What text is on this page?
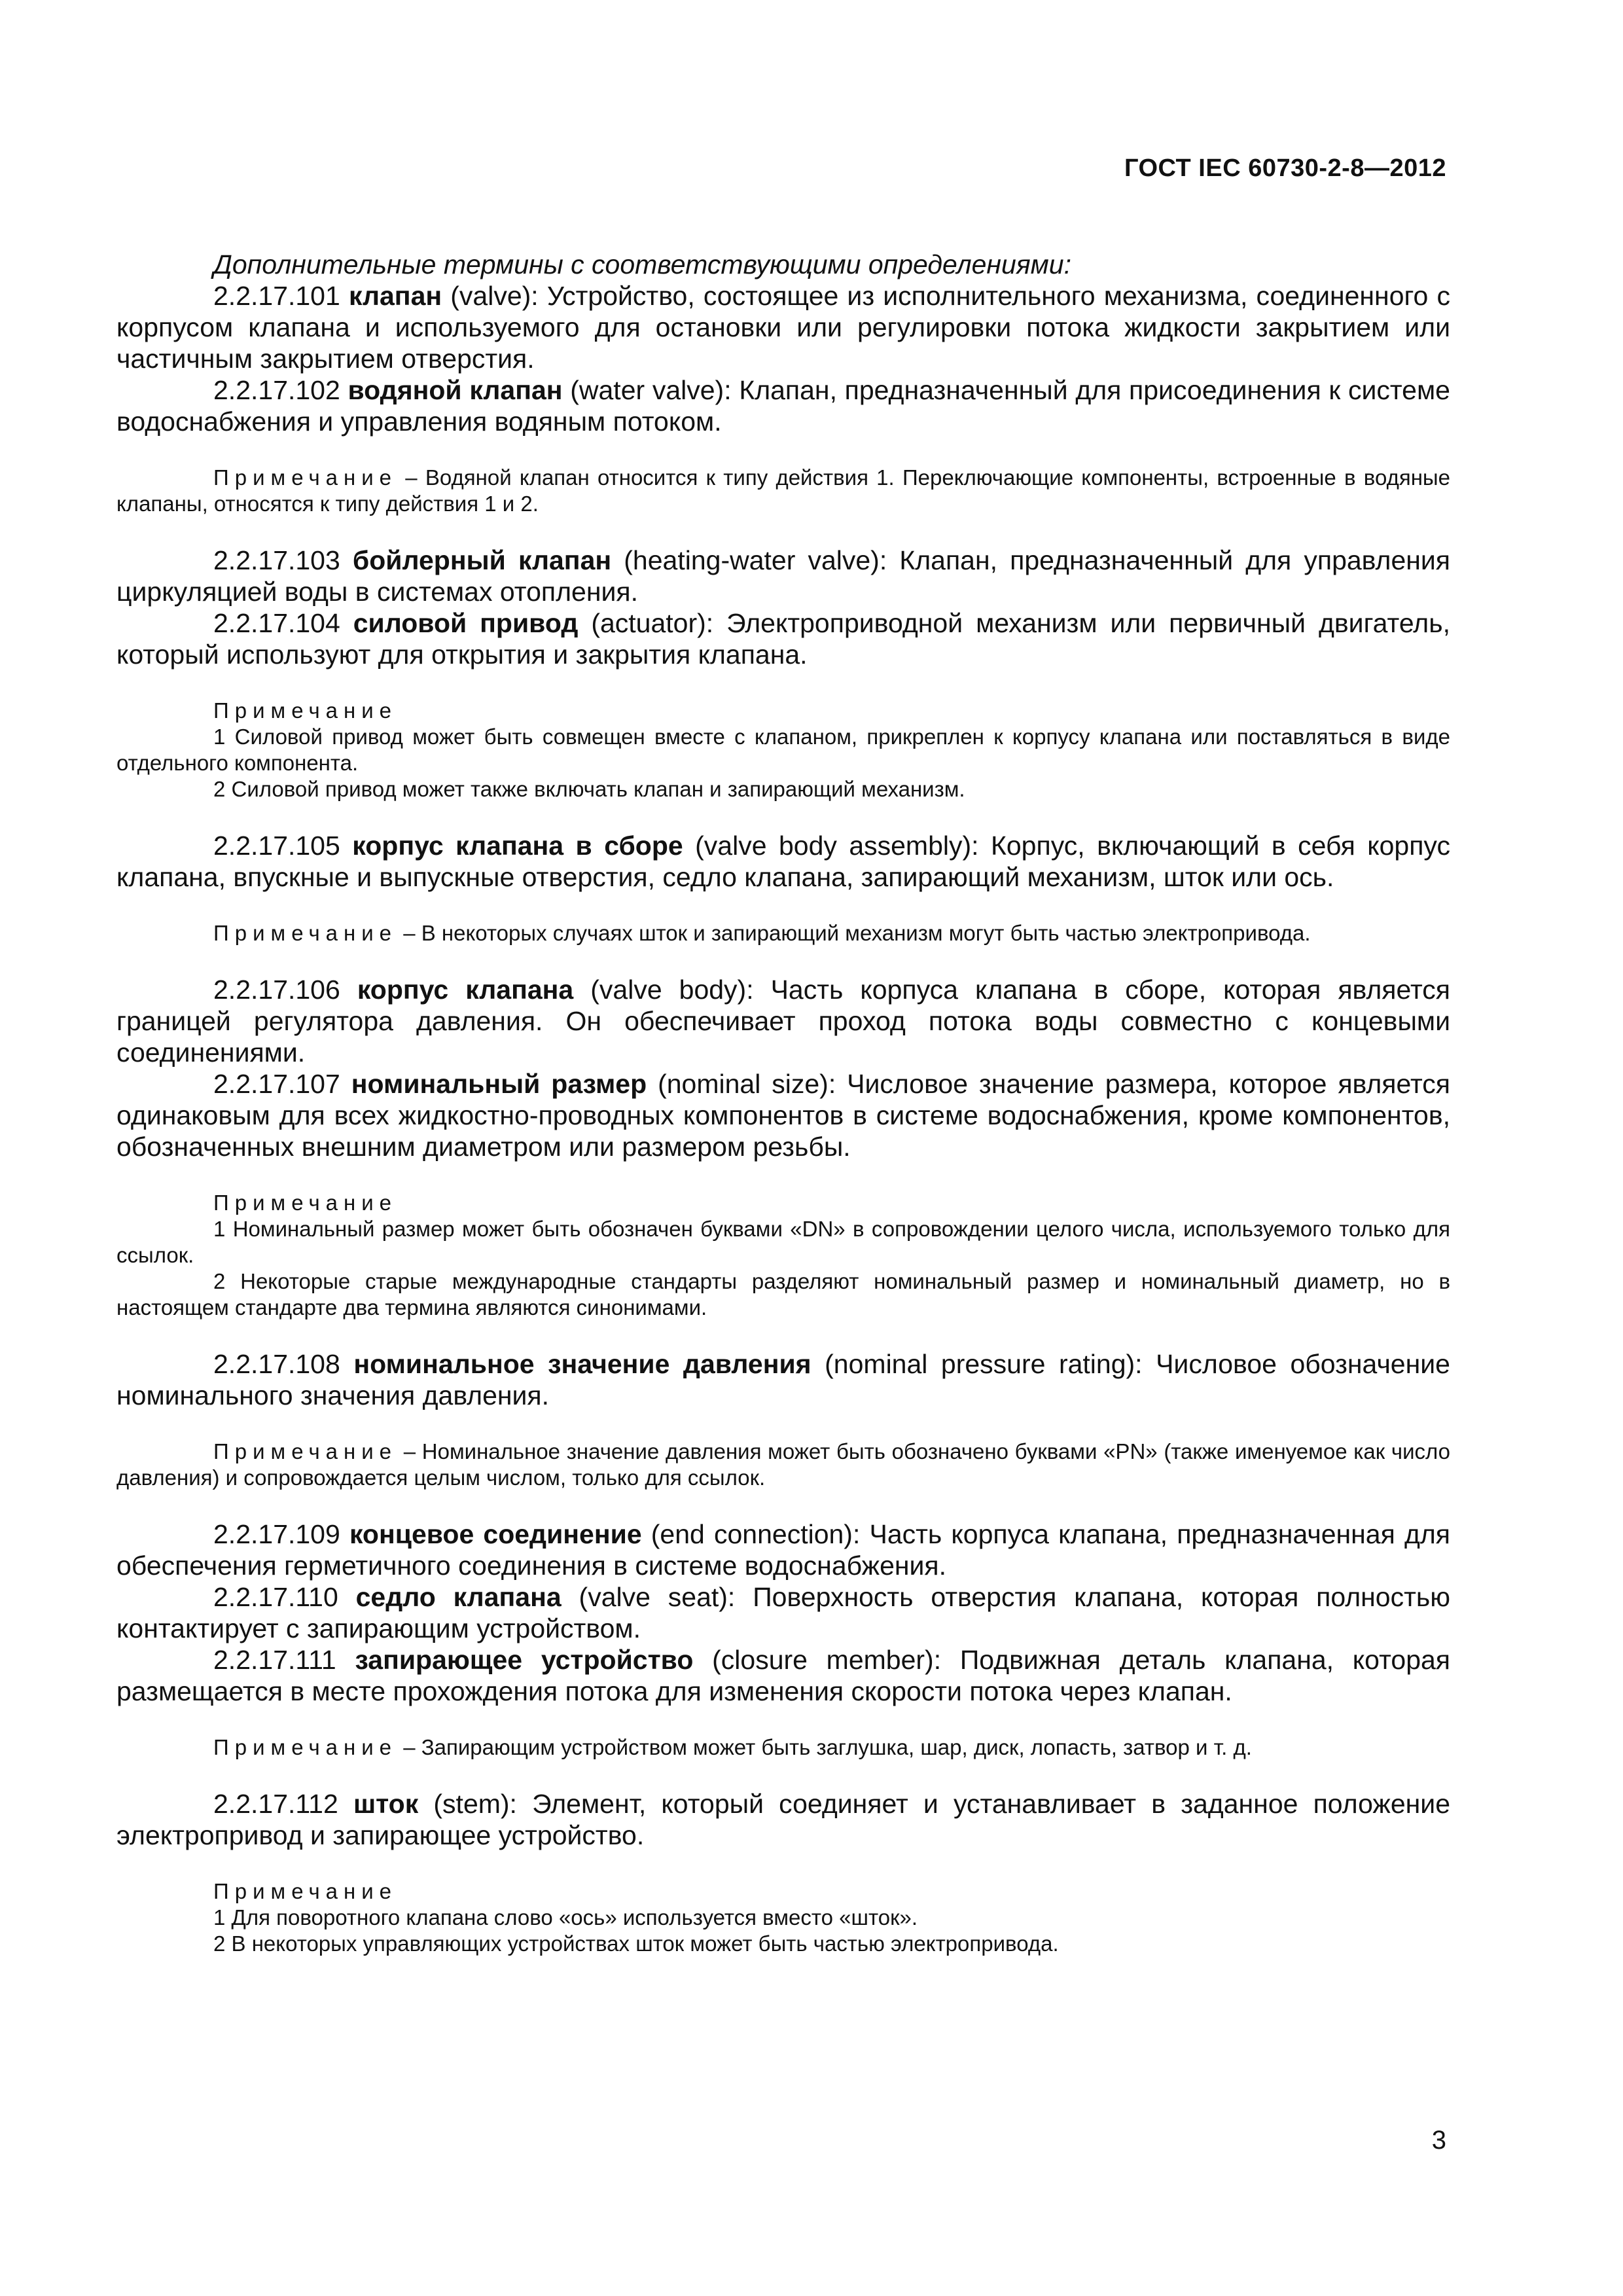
ГОСТ IEC 60730-2-8—2012

Дополнительные термины с соответствующими определениями:

2.2.17.101 клапан (valve): Устройство, состоящее из исполнительного механизма, соединенного с корпусом клапана и используемого для остановки или регулировки потока жидкости закрытием или частичным закрытием отверстия.

2.2.17.102 водяной клапан (water valve): Клапан, предназначенный для присоединения к системе водоснабжения и управления водяным потоком.

Примечание – Водяной клапан относится к типу действия 1. Переключающие компоненты, встроенные в водяные клапаны, относятся к типу действия 1 и 2.

2.2.17.103 бойлерный клапан (heating-water valve): Клапан, предназначенный для управления циркуляцией воды в системах отопления.

2.2.17.104 силовой привод (actuator): Электроприводной механизм или первичный двигатель, который используют для открытия и закрытия клапана.

Примечание

1 Силовой привод может быть совмещен вместе с клапаном, прикреплен к корпусу клапана или поставляться в виде отдельного компонента.

2 Силовой привод может также включать клапан и запирающий механизм.

2.2.17.105 корпус клапана в сборе (valve body assembly): Корпус, включающий в себя корпус клапана, впускные и выпускные отверстия, седло клапана, запирающий механизм, шток или ось.

Примечание – В некоторых случаях шток и запирающий механизм могут быть частью электропривода.

2.2.17.106 корпус клапана (valve body): Часть корпуса клапана в сборе, которая является границей регулятора давления. Он обеспечивает проход потока воды совместно с концевыми соединениями.

2.2.17.107 номинальный размер (nominal size): Числовое значение размера, которое является одинаковым для всех жидкостно-проводных компонентов в системе водоснабжения, кроме компонентов, обозначенных внешним диаметром или размером резьбы.

Примечание

1 Номинальный размер может быть обозначен буквами «DN» в сопровождении целого числа, используемого только для ссылок.

2 Некоторые старые международные стандарты разделяют номинальный размер и номинальный диаметр, но в настоящем стандарте два термина являются синонимами.

2.2.17.108 номинальное значение давления (nominal pressure rating): Числовое обозначение номинального значения давления.

Примечание – Номинальное значение давления может быть обозначено буквами «PN» (также именуемое как число давления) и сопровождается целым числом, только для ссылок.

2.2.17.109 концевое соединение (end connection): Часть корпуса клапана, предназначенная для обеспечения герметичного соединения в системе водоснабжения.

2.2.17.110 седло клапана (valve seat): Поверхность отверстия клапана, которая полностью контактирует с запирающим устройством.

2.2.17.111 запирающее устройство (closure member): Подвижная деталь клапана, которая размещается в месте прохождения потока для изменения скорости потока через клапан.

Примечание – Запирающим устройством может быть заглушка, шар, диск, лопасть, затвор и т. д.

2.2.17.112 шток (stem): Элемент, который соединяет и устанавливает в заданное положение электропривод и запирающее устройство.

Примечание

1 Для поворотного клапана слово «ось» используется вместо «шток».

2 В некоторых управляющих устройствах шток может быть частью электропривода.

3
